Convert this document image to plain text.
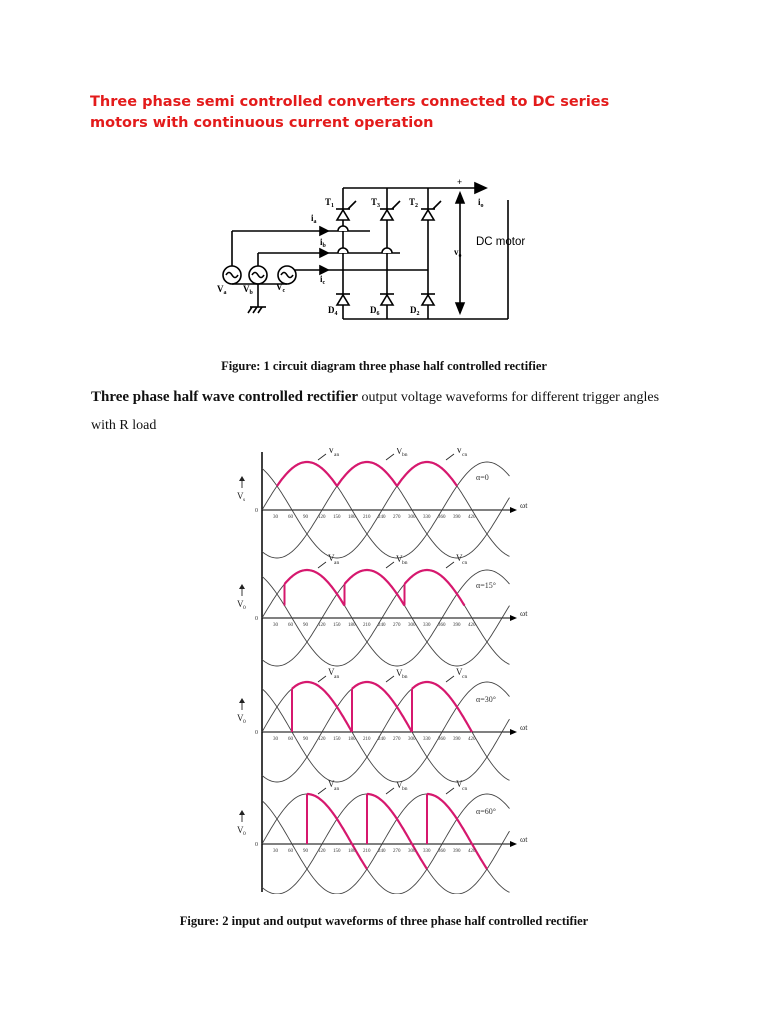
Three phase semi controlled converters connected to DC series motors with continuous current operation
$T_1$	$T_3$	$T_2$
$D_4$	$D_6$	$D_2$
$i_a$
$i_b$
$i_c$
$V_a$ $V_b$
$V_c$
$i_o$
$v_o$
+
DC motor
Figure: 1 circuit diagram three phase half controlled rectifier
Three phase half wave controlled rectifier output voltage waveforms for different trigger angles with R load
30 60 90 120 150 180 210 240 270 300 330 360 390 420
0
ωt
α=0
V an	V bn	V cn
V s
30 60 90 120 150 180 210 240 270 300 330 360 390 420
0
ωt
α=15°
V an	V bn	V cn
V 0
30 60 90 120 150 180 210 240 270 300 330 360 390 420
0
ωt
α=30°
V an	V bn	V cn
V 0
30 60 90 120 150 180 210 240 270 300 330 360 390 420
0
ωt
α=60°
V an	V bn	V cn
V 0
Figure: 2 input and output waveforms of three phase half controlled rectifier
